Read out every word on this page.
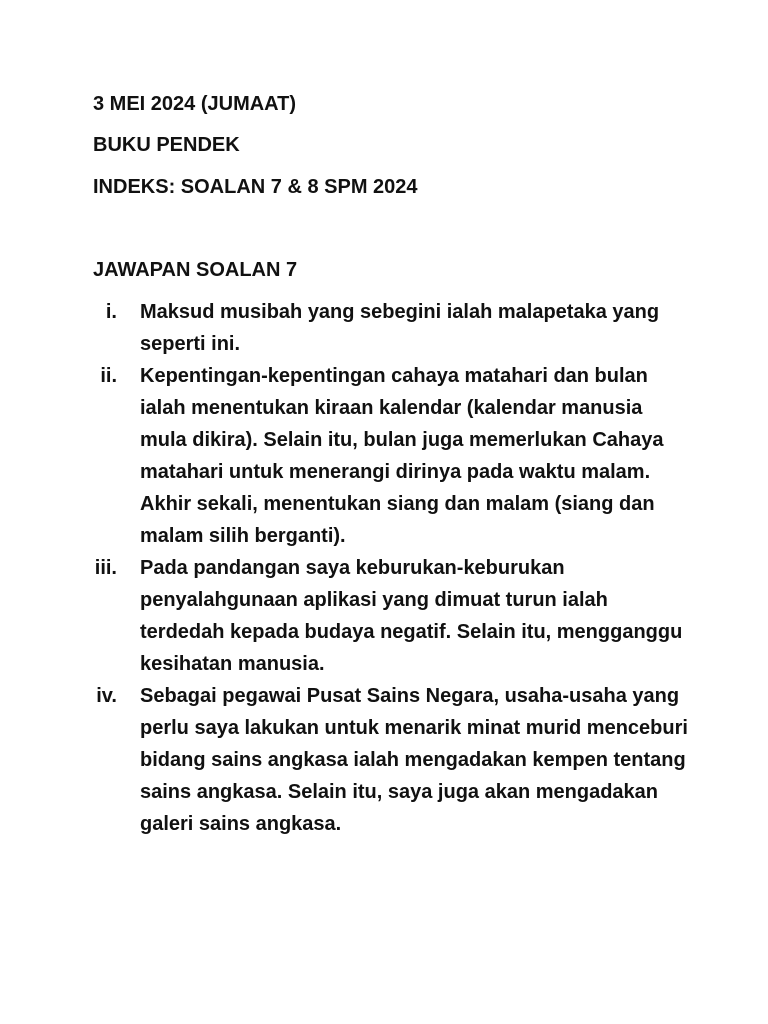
3 MEI 2024 (JUMAAT)
BUKU PENDEK
INDEKS: SOALAN 7 & 8 SPM 2024
JAWAPAN SOALAN 7
i. Maksud musibah yang sebegini ialah malapetaka yang seperti ini.
ii. Kepentingan-kepentingan cahaya matahari dan bulan ialah menentukan kiraan kalendar (kalendar manusia mula dikira). Selain itu, bulan juga memerlukan Cahaya matahari untuk menerangi dirinya pada waktu malam. Akhir sekali, menentukan siang dan malam (siang dan malam silih berganti).
iii. Pada pandangan saya keburukan-keburukan penyalahgunaan aplikasi yang dimuat turun ialah terdedah kepada budaya negatif. Selain itu, mengganggu kesihatan manusia.
iv. Sebagai pegawai Pusat Sains Negara, usaha-usaha yang perlu saya lakukan untuk menarik minat murid menceburi bidang sains angkasa ialah mengadakan kempen tentang sains angkasa. Selain itu, saya juga akan mengadakan galeri sains angkasa.
